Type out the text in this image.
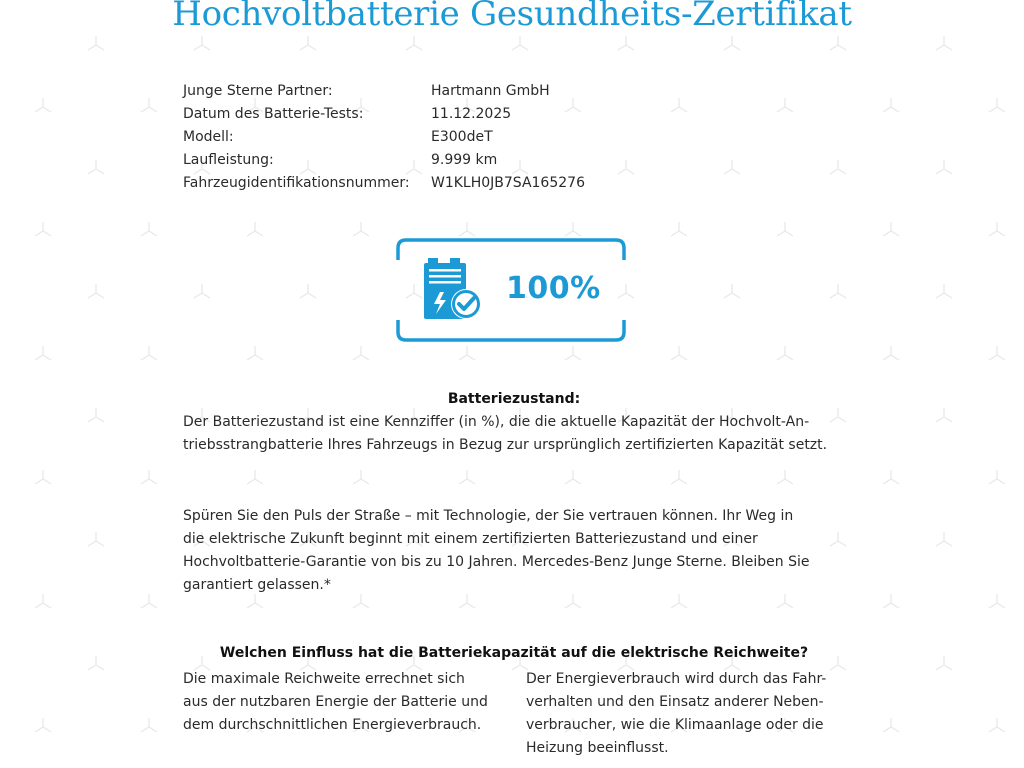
Hochvoltbatterie Gesundheits-Zertifikat
Junge Sterne Partner:	Hartmann GmbH
Datum des Batterie-Tests:	11.12.2025
Modell:	E300deT
Laufleistung:	9.999 km
Fahrzeugidentifikationsnummer:	W1KLH0JB7SA165276
100%
Batteriezustand:
Der Batteriezustand ist eine Kennziffer (in %), die die aktuelle Kapazität der Hochvolt-An-
triebsstrangbatterie Ihres Fahrzeugs in Bezug zur ursprünglich zertifizierten Kapazität setzt.
Spüren Sie den Puls der Straße – mit Technologie, der Sie vertrauen können. Ihr Weg in
die elektrische Zukunft beginnt mit einem zertifizierten Batteriezustand und einer
Hochvoltbatterie-Garantie von bis zu 10 Jahren. Mercedes-Benz Junge Sterne. Bleiben Sie
garantiert gelassen.*
Welchen Einfluss hat die Batteriekapazität auf die elektrische Reichweite?
Die maximale Reichweite errechnet sich
aus der nutzbaren Energie der Batterie und
dem durchschnittlichen Energieverbrauch.
Der Energieverbrauch wird durch das Fahr-
verhalten und den Einsatz anderer Neben-
verbraucher, wie die Klimaanlage oder die
Heizung beeinflusst.
